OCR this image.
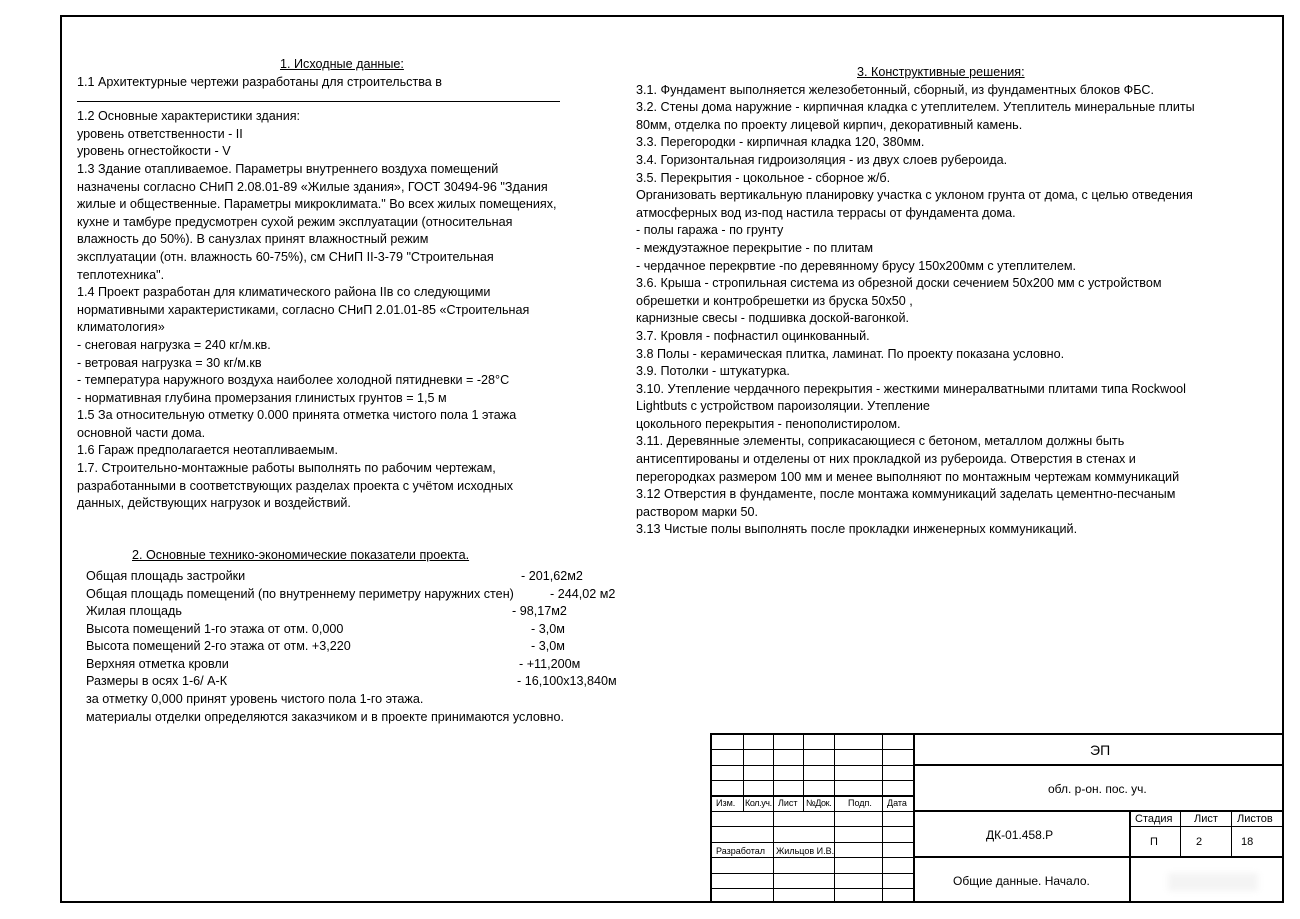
1. Исходные данные:
1.1 Архитектурные чертежи разработаны для строительства в
1.2 Основные характеристики здания:
уровень ответственности - II
уровень огнестойкости - V
1.3 Здание отапливаемое. Параметры внутреннего воздуха помещений
назначены согласно СНиП 2.08.01-89 «Жилые здания», ГОСТ 30494-96 "Здания
жилые и общественные. Параметры микроклимата." Во всех жилых помещениях,
кухне и тамбуре предусмотрен сухой режим эксплуатации (относительная
влажность до 50%). В санузлах принят влажностный режим
эксплуатации (отн. влажность 60-75%), см СНиП II-3-79 "Строительная
теплотехника".
1.4 Проект разработан для климатического района IIв со следующими
нормативными характеристиками, согласно СНиП 2.01.01-85 «Строительная
климатология»
- снеговая нагрузка = 240 кг/м.кв.
- ветровая нагрузка = 30 кг/м.кв
- температура наружного воздуха наиболее холодной пятидневки = -28°С
- нормативная глубина промерзания глинистых грунтов = 1,5 м
1.5 За относительную отметку 0.000 принята отметка чистого пола 1 этажа
основной части дома.
1.6 Гараж предполагается неотапливаемым.
1.7. Строительно-монтажные работы выполнять по рабочим чертежам,
разработанными в соответствующих разделах проекта с учётом исходных
данных, действующих нагрузок и воздействий.
2. Основные технико-экономические показатели проекта.
Общая площадь застройки	- 201,62м2
Общая площадь помещений (по внутреннему периметру наружних стен)	- 244,02 м2
Жилая площадь	- 98,17м2
Высота помещений 1-го этажа от отм. 0,000	- 3,0м
Высота помещений 2-го этажа от отм. +3,220	- 3,0м
Верхняя отметка кровли	- +11,200м
Размеры в осях 1-6/ А-К	- 16,100х13,840м
за отметку 0,000 принят уровень чистого пола 1-го этажа.
материалы отделки определяются заказчиком и в проекте принимаются условно.
3. Конструктивные решения:
3.1. Фундамент выполняется железобетонный, сборный, из фундаментных блоков ФБС.
3.2. Стены дома наружние - кирпичная кладка с утеплителем. Утеплитель минеральные плиты
80мм, отделка по проекту лицевой кирпич, декоративный камень.
3.3. Перегородки - кирпичная кладка 120, 380мм.
3.4. Горизонтальная гидроизоляция - из двух слоев рубероида.
3.5. Перекрытия - цокольное - сборное ж/б.
Организовать вертикальную планировку участка с уклоном грунта от дома, с целью отведения
атмосферных вод из-под настила террасы от фундамента дома.
- полы гаража - по грунту
- междуэтажное перекрытие - по плитам
- чердачное перекрвтие -по деревянному брусу 150х200мм с утеплителем.
3.6. Крыша - стропильная система из обрезной доски сечением 50х200 мм с устройством
обрешетки и контробрешетки из бруска 50х50 ,
карнизные свесы - подшивка доской-вагонкой.
3.7. Кровля - пофнастил оцинкованный.
3.8 Полы - керамическая плитка, ламинат. По проекту показана условно.
3.9. Потолки - штукатурка.
3.10. Утепление чердачного перекрытия - жесткими минералватными плитами типа Rockwool
Lightbuts с устройством пароизоляции. Утепление
цокольного перекрытия - пенополистиролом.
3.11. Деревянные элементы, соприкасающиеся с бетоном, металлом должны быть
антисептированы и отделены от них прокладкой из рубероида. Отверстия в стенах и
перегородках размером 100 мм и менее выполняют по монтажным чертежам коммуникаций
3.12 Отверстия в фундаменте, после монтажа коммуникаций заделать цементно-песчаным
раствором марки 50.
3.13 Чистые полы выполнять после прокладки инженерных коммуникаций.
Изм. Кол.уч. Лист №Док. Подп. Дата
Разработал Жильцов И.В.
ЭП
обл. р-он. пос. уч.
ДК-01.458.Р
Стадия Лист Листов
П	2	18
Общие данные. Начало.
